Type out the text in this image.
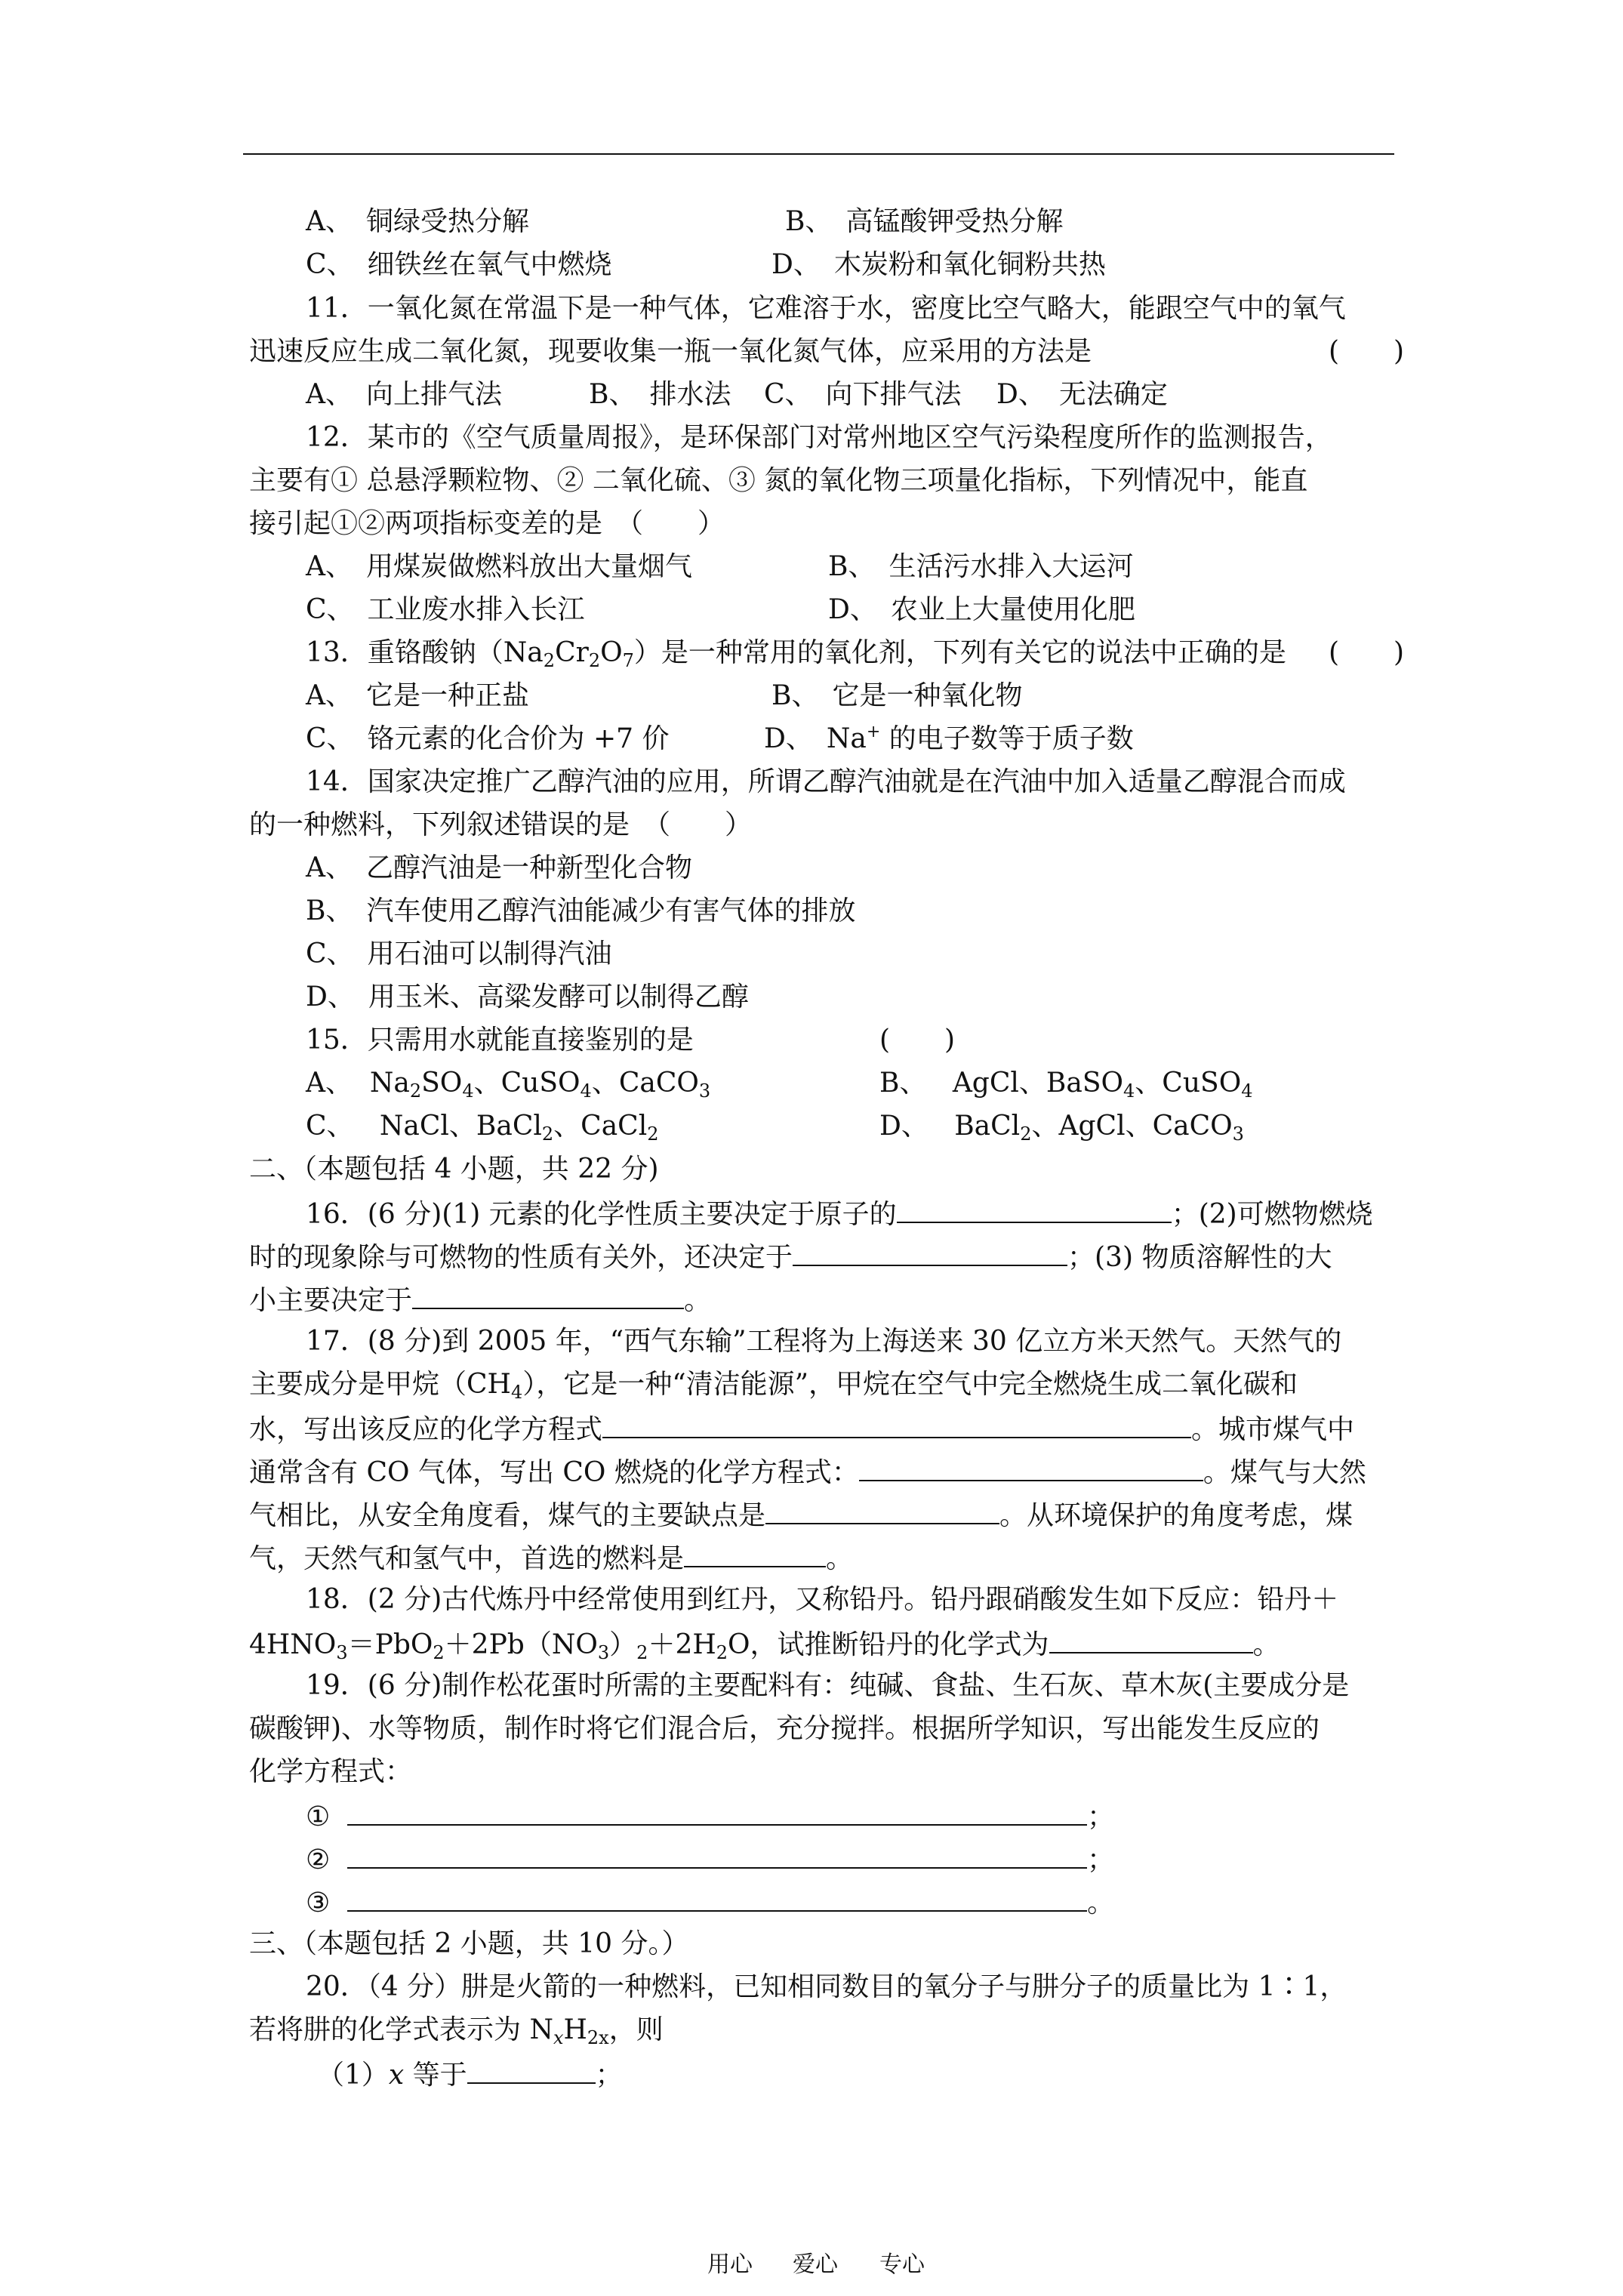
A、　铜绿受热分解	B、　高锰酸钾受热分解
C、　细铁丝在氧气中燃烧	D、　木炭粉和氧化铜粉共热
11．一氧化氮在常温下是一种气体，它难溶于水，密度比空气略大，能跟空气中的氧气
迅速反应生成二氧化氮，现要收集一瓶一氧化氮气体，应采用的方法是	(　　)
A、　向上排气法	B、　排水法 C、　向下排气法 D、　无法确定
12．某市的《空气质量周报》，是环保部门对常州地区空气污染程度所作的监测报告，
主要有① 总悬浮颗粒物、② 二氧化硫、③ 氮的氧化物三项量化指标，下列情况中，能直
接引起①②两项指标变差的是　（　　）
A、　用煤炭做燃料放出大量烟气	B、　生活污水排入大运河
C、　工业废水排入长江	D、　农业上大量使用化肥
13．重铬酸钠$(Na_2Cr_2O_7)$是一种常用的氧化剂，下列有关它的说法中正确的是 (　　)
A、　它是一种正盐	B、　它是一种氧化物
C、　铬元素的化合价为 +7 价	D、　Na+ 的电子数等于质子数
14．国家决定推广乙醇汽油的应用，所谓乙醇汽油就是在汽油中加入适量乙醇混合而成
的一种燃料，下列叙述错误的是　（　　）
A、　乙醇汽油是一种新型化合物
B、　汽车使用乙醇汽油能减少有害气体的排放
C、　用石油可以制得汽油
D、　用玉米、高粱发酵可以制得乙醇
15．只需用水就能直接鉴别的是	(　　)
A、 $Na_2SO_4$、CuSO$_4$、CaCO$_3$	B、 AgCl、BaSO$_4$、CuSO$_4$
C、 NaCl、BaCl$_2$、CaCl$_2$	D、 BaCl$_2$、AgCl、CaCO$_3$
二、（本题包括 4 小题，共 22 分)
16．(6 分)(1) 元素的化学性质主要决定于原子的	；(2)可燃物燃烧
时的现象除与可燃物的性质有关外，还决定于	；(3) 物质溶解性的大
小主要决定于	。
17．(8 分)到 2005 年，“西气东输”工程将为上海送来 30 亿立方米天然气。天然气的
主要成分是甲烷$(CH_4)$，它是一种“清洁能源”，甲烷在空气中完全燃烧生成二氧化碳和
水，写出该反应的化学方程式	。城市煤气中
通常含有 CO 气体，写出 CO 燃烧的化学方程式：	。煤气与大然
气相比，从安全角度看，煤气的主要缺点是	。从环境保护的角度考虑，煤
气，天然气和氢气中，首选的燃料是	。
18．(2 分)古代炼丹中经常使用到红丹，又称铅丹。铅丹跟硝酸发生如下反应：铅丹＋
$4HNO_3=PbO_2+2Pb(NO_3)_2+2H_2O$，试推断铅丹的化学式为	。
19．(6 分)制作松花蛋时所需的主要配料有：纯碱、食盐、生石灰、草木灰(主要成分是
碳酸钾)、水等物质，制作时将它们混合后，充分搅拌。根据所学知识，写出能发生反应的
化学方程式：
①	；
②	；
③	。
三、（本题包括 2 小题，共 10 分。）
20．（4 分）肼是火箭的一种燃料，已知相同数目的氧分子与肼分子的质量比为 1∶1，
若将肼的化学式表示为 $N_xH_{2x}$，则
（1）x 等于	；
用心 爱心 专心
